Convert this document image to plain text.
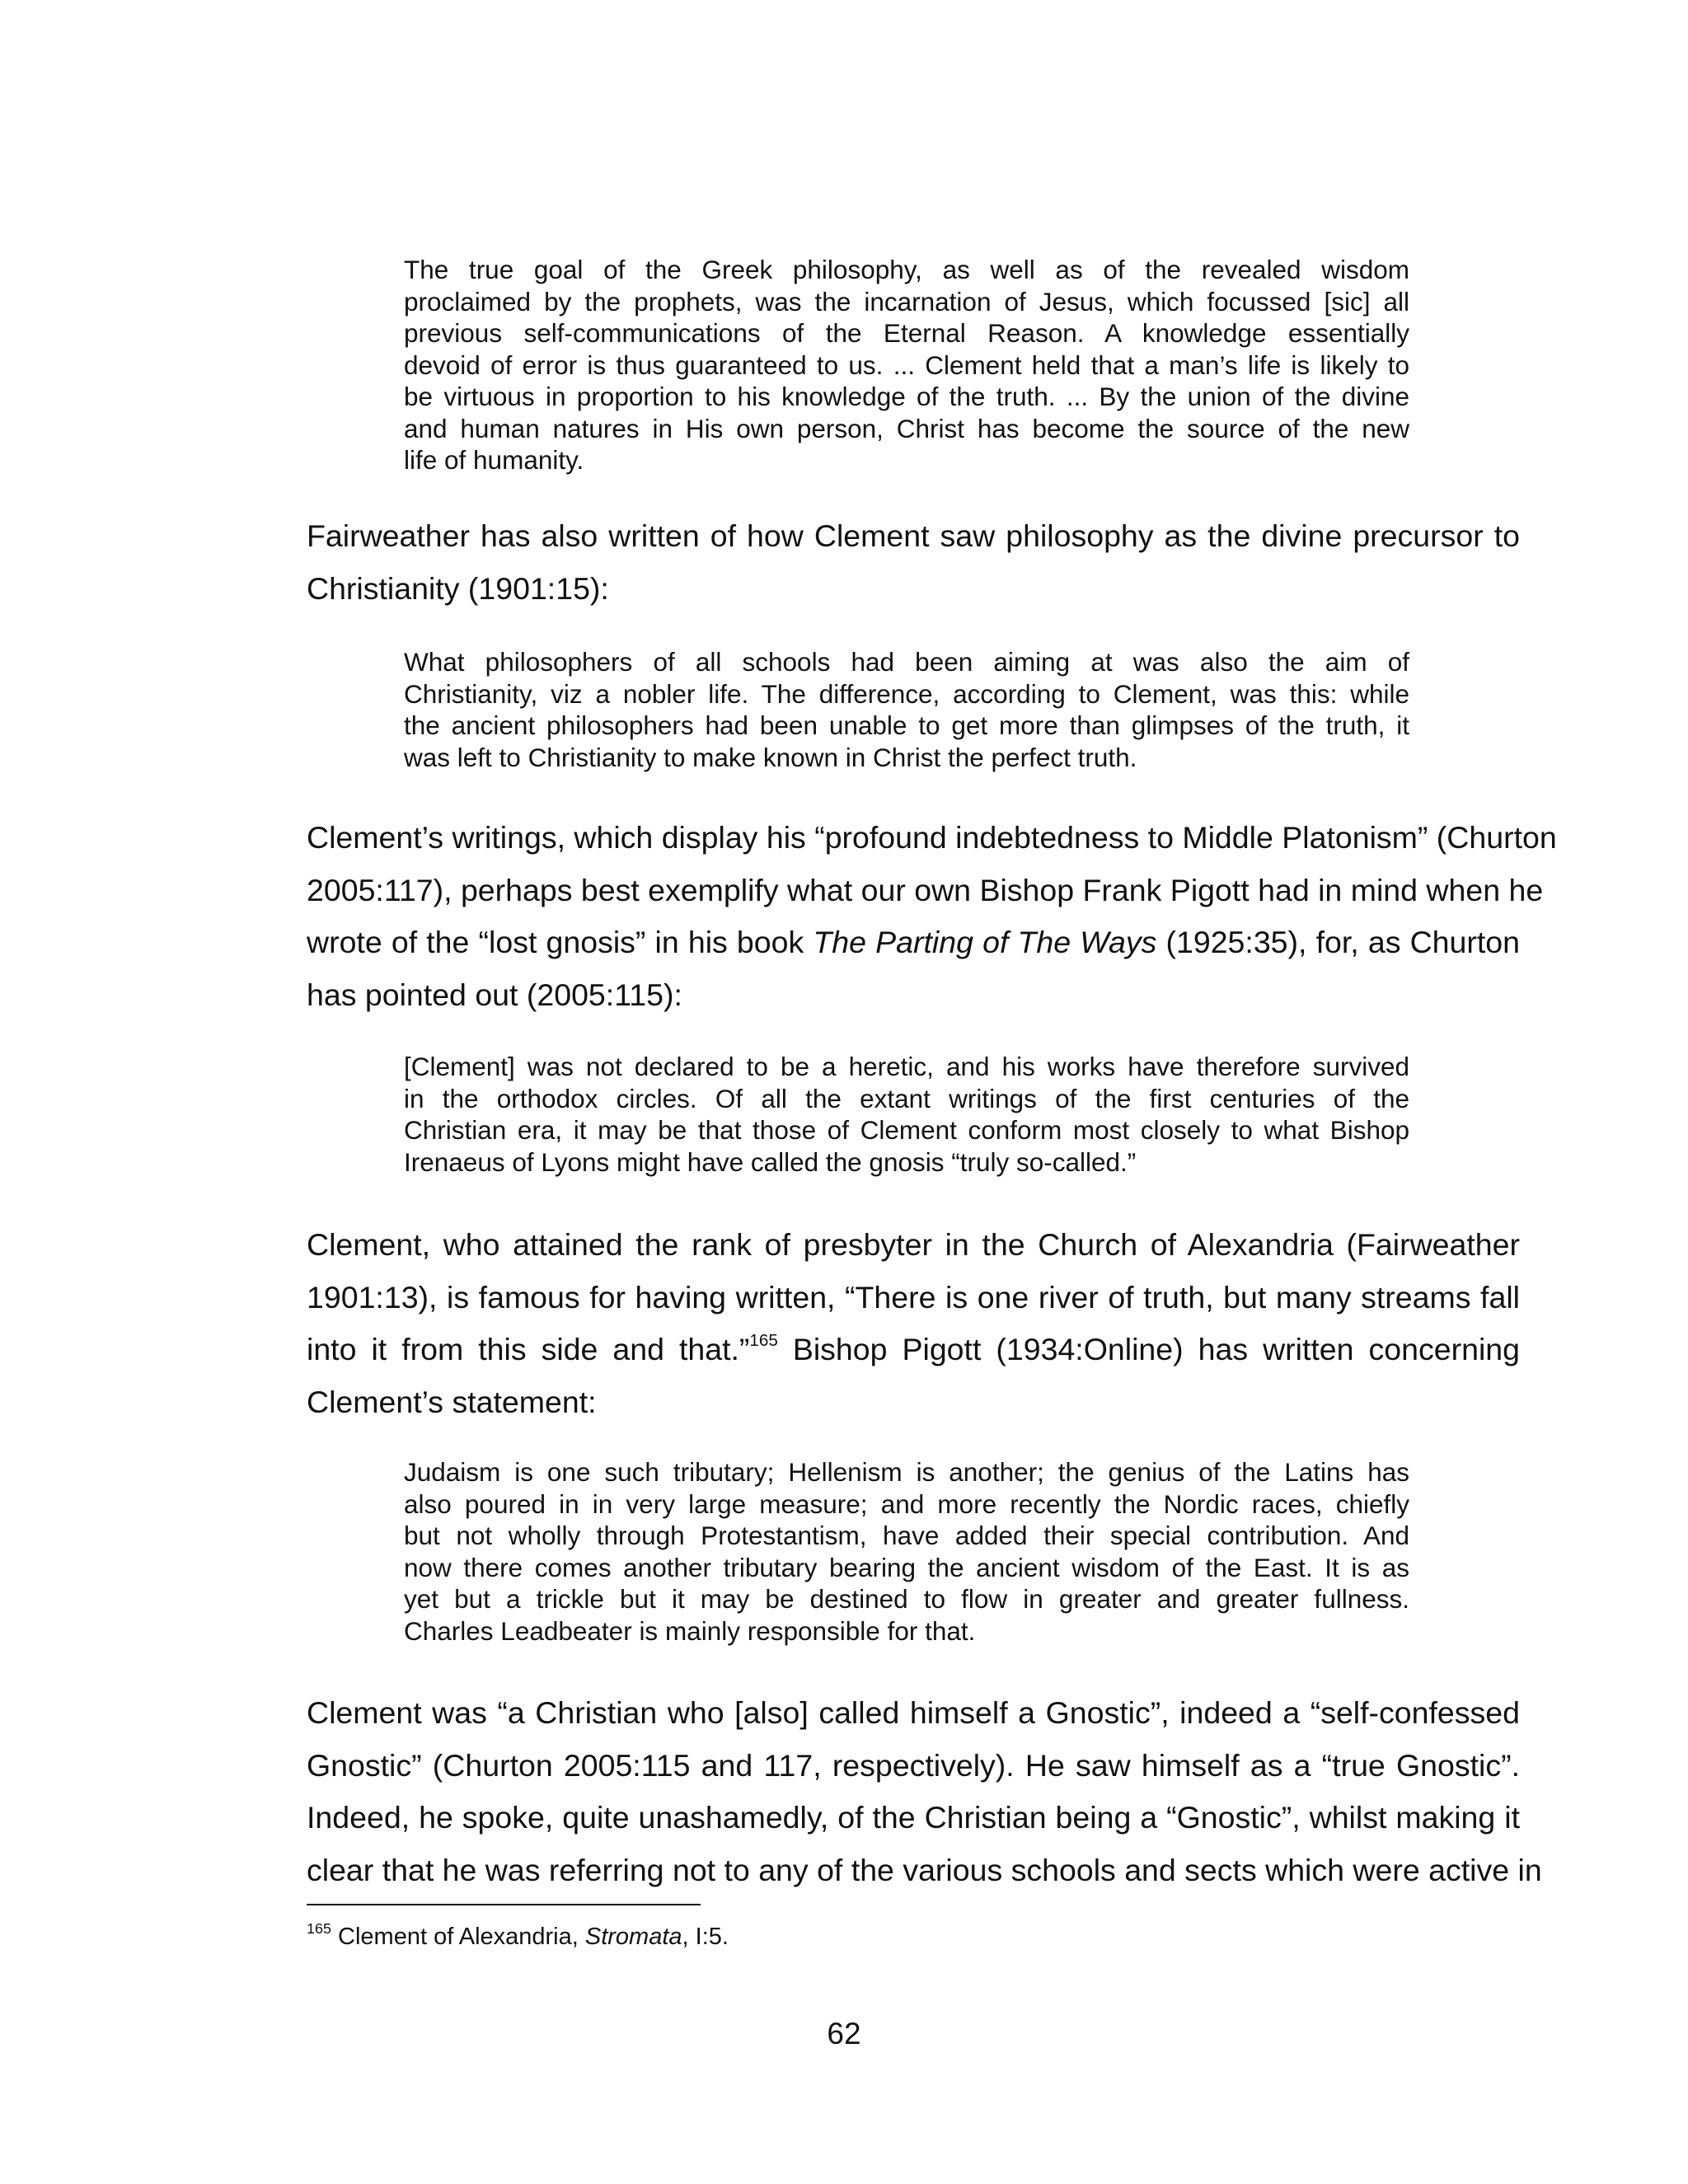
The true goal of the Greek philosophy, as well as of the revealed wisdom
proclaimed by the prophets, was the incarnation of Jesus, which focussed [sic] all
previous self-communications of the Eternal Reason. A knowledge essentially
devoid of error is thus guaranteed to us. ... Clement held that a man’s life is likely to
be virtuous in proportion to his knowledge of the truth. ... By the union of the divine
and human natures in His own person, Christ has become the source of the new
life of humanity.
Fairweather has also written of how Clement saw philosophy as the divine precursor to
Christianity (1901:15):
What philosophers of all schools had been aiming at was also the aim of
Christianity, viz a nobler life. The difference, according to Clement, was this: while
the ancient philosophers had been unable to get more than glimpses of the truth, it
was left to Christianity to make known in Christ the perfect truth.
Clement’s writings, which display his “profound indebtedness to Middle Platonism” (Churton
2005:117), perhaps best exemplify what our own Bishop Frank Pigott had in mind when he
wrote of the “lost gnosis” in his book The Parting of The Ways (1925:35), for, as Churton
has pointed out (2005:115):
[Clement] was not declared to be a heretic, and his works have therefore survived
in the orthodox circles. Of all the extant writings of the first centuries of the
Christian era, it may be that those of Clement conform most closely to what Bishop
Irenaeus of Lyons might have called the gnosis “truly so-called.”
Clement, who attained the rank of presbyter in the Church of Alexandria (Fairweather
1901:13), is famous for having written, “There is one river of truth, but many streams fall
into it from this side and that.”$^{165}$ Bishop Pigott (1934:Online) has written concerning
Clement’s statement:
Judaism is one such tributary; Hellenism is another; the genius of the Latins has
also poured in in very large measure; and more recently the Nordic races, chiefly
but not wholly through Protestantism, have added their special contribution. And
now there comes another tributary bearing the ancient wisdom of the East. It is as
yet but a trickle but it may be destined to flow in greater and greater fullness.
Charles Leadbeater is mainly responsible for that.
Clement was “a Christian who [also] called himself a Gnostic”, indeed a “self-confessed
Gnostic” (Churton 2005:115 and 117, respectively). He saw himself as a “true Gnostic”.
Indeed, he spoke, quite unashamedly, of the Christian being a “Gnostic”, whilst making it
clear that he was referring not to any of the various schools and sects which were active in
$^{165}$ Clement of Alexandria, Stromata, I:5.
62
